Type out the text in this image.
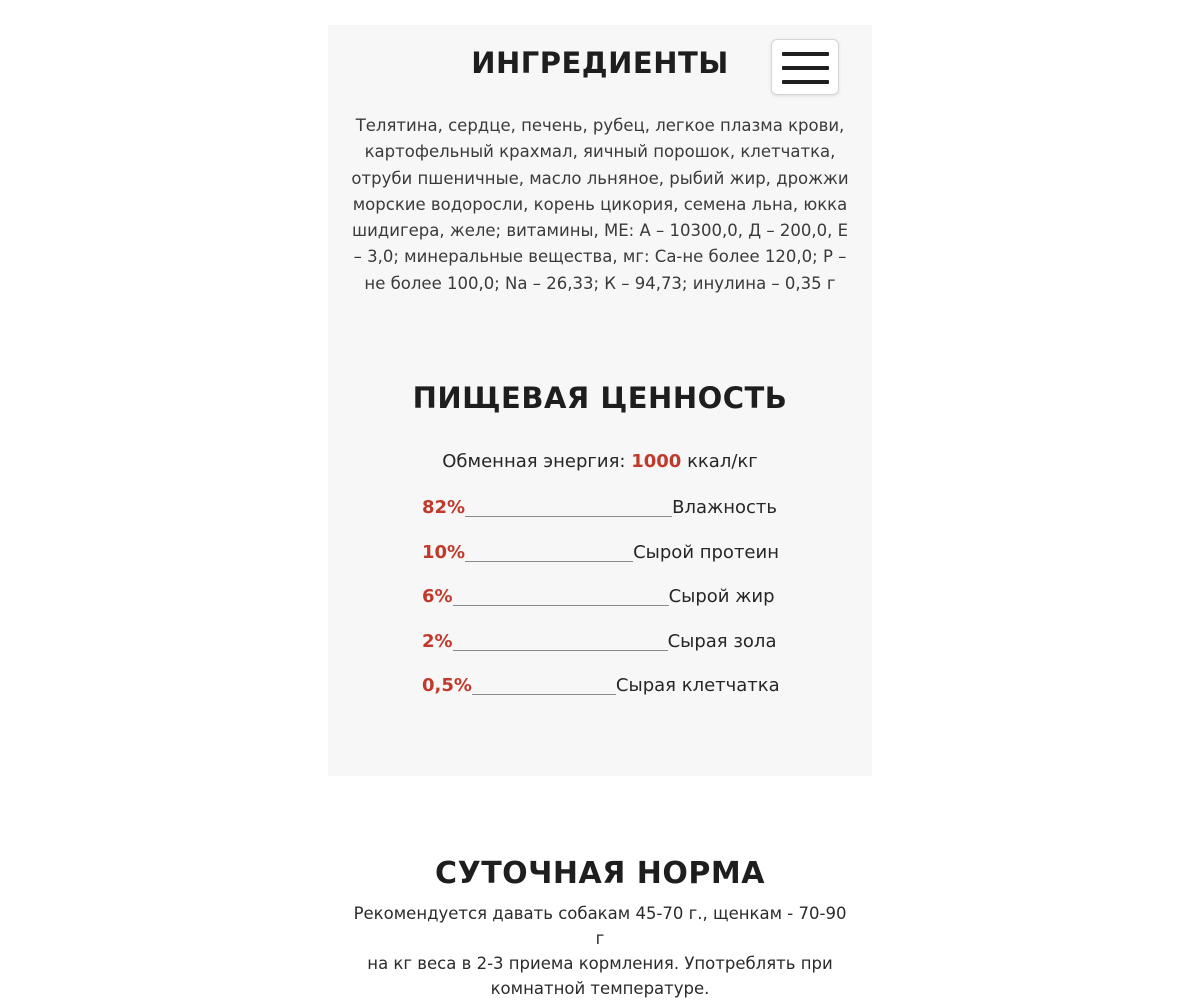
ИНГРЕДИЕНТЫ

Телятина, сердце, печень, рубец, легкое плазма крови,
картофельный крахмал, яичный порошок, клетчатка,
отруби пшеничные, масло льняное, рыбий жир, дрожжи
морские водоросли, корень цикория, семена льна, юкка
шидигера, желе; витамины, МЕ: А – 10300,0, Д – 200,0, Е
– 3,0; минеральные вещества, мг: Са-не более 120,0; Р –
не более 100,0; Na – 26,33; К – 94,73; инулина – 0,35 г

ПИЩЕВАЯ ЦЕННОСТЬ
Обменная энергия: 1000 ккал/кг
82%	Влажность
10%	Сырой протеин
6%	Сырой жир
2%	Сырая зола
0,5%	Сырая клетчатка
СУТОЧНАЯ НОРМА

Рекомендуется давать собакам 45-70 г., щенкам - 70-90 г
на кг веса в 2-3 приема кормления. Употреблять при
комнатной температуре.
